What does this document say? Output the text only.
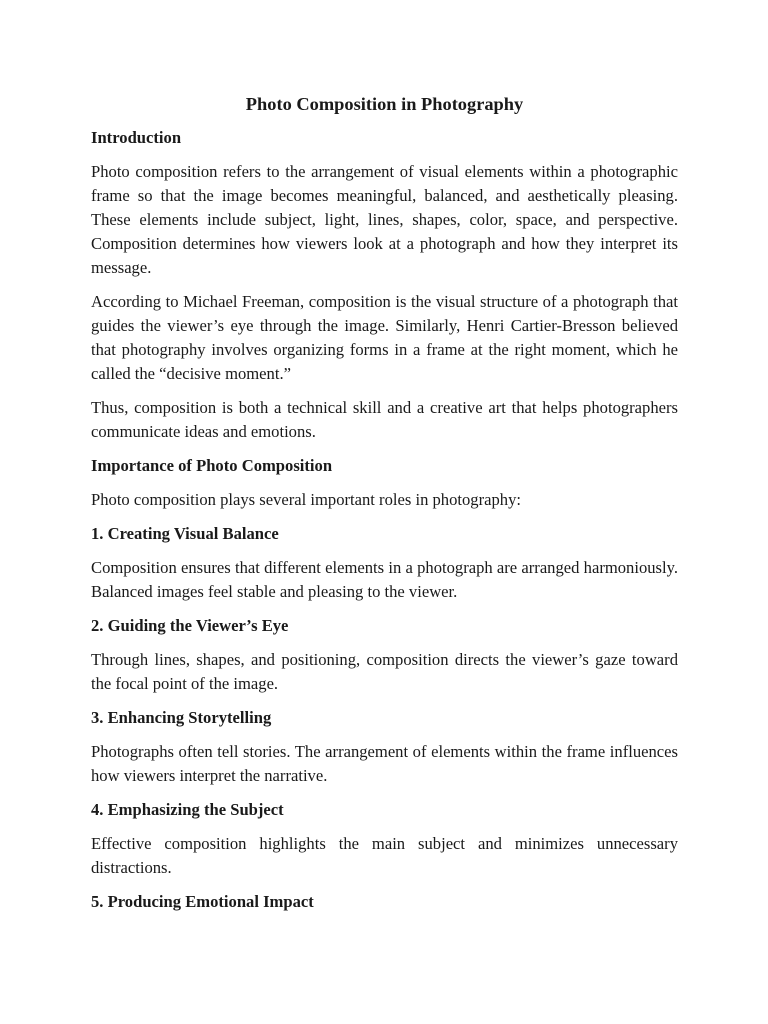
Photo Composition in Photography
Introduction

Photo composition refers to the arrangement of visual elements within a photographic frame so that the image becomes meaningful, balanced, and aesthetically pleasing. These elements include subject, light, lines, shapes, color, space, and perspective. Composition determines how viewers look at a photograph and how they interpret its message.

According to Michael Freeman, composition is the visual structure of a photograph that guides the viewer’s eye through the image. Similarly, Henri Cartier-Bresson believed that photography involves organizing forms in a frame at the right moment, which he called the “decisive moment.”

Thus, composition is both a technical skill and a creative art that helps photographers communicate ideas and emotions.

Importance of Photo Composition

Photo composition plays several important roles in photography:

1. Creating Visual Balance

Composition ensures that different elements in a photograph are arranged harmoniously. Balanced images feel stable and pleasing to the viewer.

2. Guiding the Viewer’s Eye

Through lines, shapes, and positioning, composition directs the viewer’s gaze toward the focal point of the image.

3. Enhancing Storytelling

Photographs often tell stories. The arrangement of elements within the frame influences how viewers interpret the narrative.

4. Emphasizing the Subject

Effective composition highlights the main subject and minimizes unnecessary distractions.

5. Producing Emotional Impact
